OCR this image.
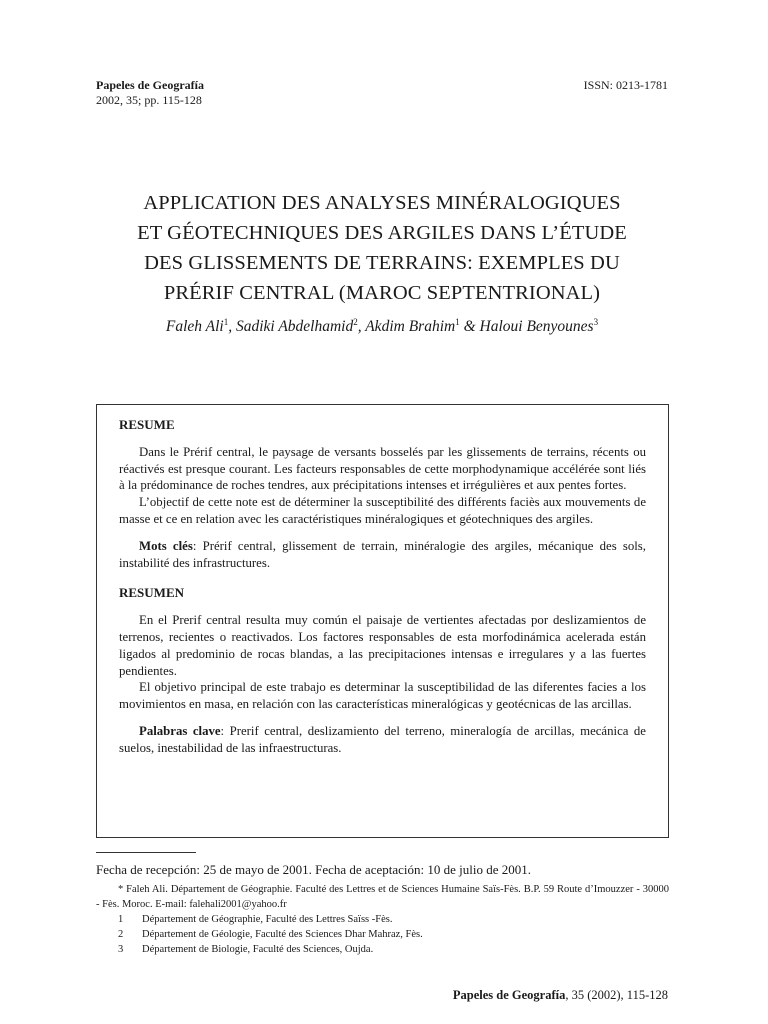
Papeles de Geografía
2002, 35; pp. 115-128
ISSN: 0213-1781
APPLICATION DES ANALYSES MINÉRALOGIQUES
ET GÉOTECHNIQUES DES ARGILES DANS L’ÉTUDE
DES GLISSEMENTS DE TERRAINS: EXEMPLES DU
PRÉRIF CENTRAL (MAROC SEPTENTRIONAL)
Faleh Ali$^1$, Sadiki Abdelhamid$^2$, Akdim Brahim$^1$ & Haloui Benyounes$^3$
RESUME

Dans le Prérif central, le paysage de versants bosselés par les glissements de terrains, récents ou réactivés est presque courant. Les facteurs responsables de cette morphodynamique accélérée sont liés à la prédominance de roches tendres, aux précipitations intenses et irrégulières et aux pentes fortes.

L’objectif de cette note est de déterminer la susceptibilité des différents faciès aux mouvements de masse et ce en relation avec les caractéristiques minéralogiques et géotechniques des argiles.

Mots clés: Prérif central, glissement de terrain, minéralogie des argiles, mécanique des sols, instabilité des infrastructures.

RESUMEN

En el Prerif central resulta muy común el paisaje de vertientes afectadas por deslizamientos de terrenos, recientes o reactivados. Los factores responsables de esta morfodinámica acelerada están ligados al predominio de rocas blandas, a las precipitaciones intensas e irregulares y a las fuertes pendientes.

El objetivo principal de este trabajo es determinar la susceptibilidad de las diferentes facies a los movimientos en masa, en relación con las características mineralógicas y geotécnicas de las arcillas.

Palabras clave: Prerif central, deslizamiento del terreno, mineralogía de arcillas, mecánica de suelos, inestabilidad de las infraestructuras.

Fecha de recepción: 25 de mayo de 2001. Fecha de aceptación: 10 de julio de 2001.

* Faleh Ali. Département de Géographie. Faculté des Lettres et de Sciences Humaine Saïs-Fès. B.P. 59 Route d’Imouzzer - 30000 - Fès. Moroc. E-mail: falehali2001@yahoo.fr

1	Département de Géographie, Faculté des Lettres Saïss -Fès.
2	Département de Géologie, Faculté des Sciences Dhar Mahraz, Fès.
3	Département de Biologie, Faculté des Sciences, Oujda.
Papeles de Geografía, 35 (2002), 115-128
